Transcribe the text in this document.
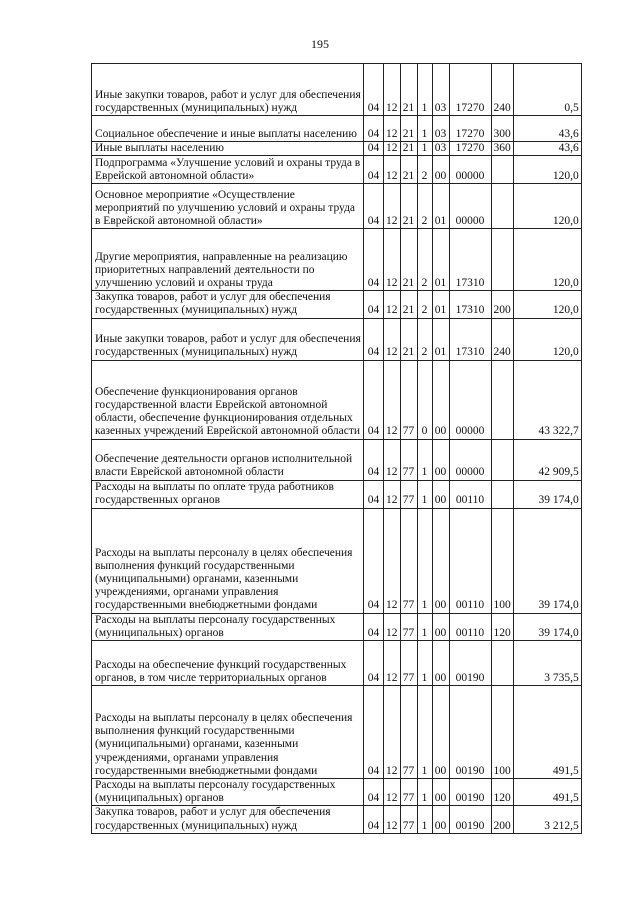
195
Иные закупки товаров, работ и услуг для обеспечения государственных (муниципальных) нужд	04	12	21	1	03	17270	240	0,5
Социальное обеспечение и иные выплаты населению	04	12	21	1	03	17270	300	43,6
Иные выплаты населению	04	12	21	1	03	17270	360	43,6
Подпрограмма «Улучшение условий и охраны труда в Еврейской автономной области»	04	12	21	2	00	00000		120,0
Основное мероприятие «Осуществление мероприятий по улучшению условий и охраны труда в Еврейской автономной области»	04	12	21	2	01	00000		120,0
Другие мероприятия, направленные на реализацию приоритетных направлений деятельности по улучшению условий и охраны труда	04	12	21	2	01	17310		120,0
Закупка товаров, работ и услуг для обеспечения государственных (муниципальных) нужд	04	12	21	2	01	17310	200	120,0
Иные закупки товаров, работ и услуг для обеспечения государственных (муниципальных) нужд	04	12	21	2	01	17310	240	120,0
Обеспечение функционирования органов государственной власти Еврейской автономной области, обеспечение функционирования отдельных казенных учреждений Еврейской автономной области	04	12	77	0	00	00000		43 322,7
Обеспечение деятельности органов исполнительной власти Еврейской автономной области	04	12	77	1	00	00000		42 909,5
Расходы на выплаты по оплате труда работников государственных органов	04	12	77	1	00	00110		39 174,0
Расходы на выплаты персоналу в целях обеспечения выполнения функций государственными (муниципальными) органами, казенными учреждениями, органами управления государственными внебюджетными фондами	04	12	77	1	00	00110	100	39 174,0
Расходы на выплаты персоналу государственных (муниципальных) органов	04	12	77	1	00	00110	120	39 174,0
Расходы на обеспечение функций государственных органов, в том числе территориальных органов	04	12	77	1	00	00190		3 735,5
Расходы на выплаты персоналу в целях обеспечения выполнения функций государственными (муниципальными) органами, казенными учреждениями, органами управления государственными внебюджетными фондами	04	12	77	1	00	00190	100	491,5
Расходы на выплаты персоналу государственных (муниципальных) органов	04	12	77	1	00	00190	120	491,5
Закупка товаров, работ и услуг для обеспечения государственных (муниципальных) нужд	04	12	77	1	00	00190	200	3 212,5
